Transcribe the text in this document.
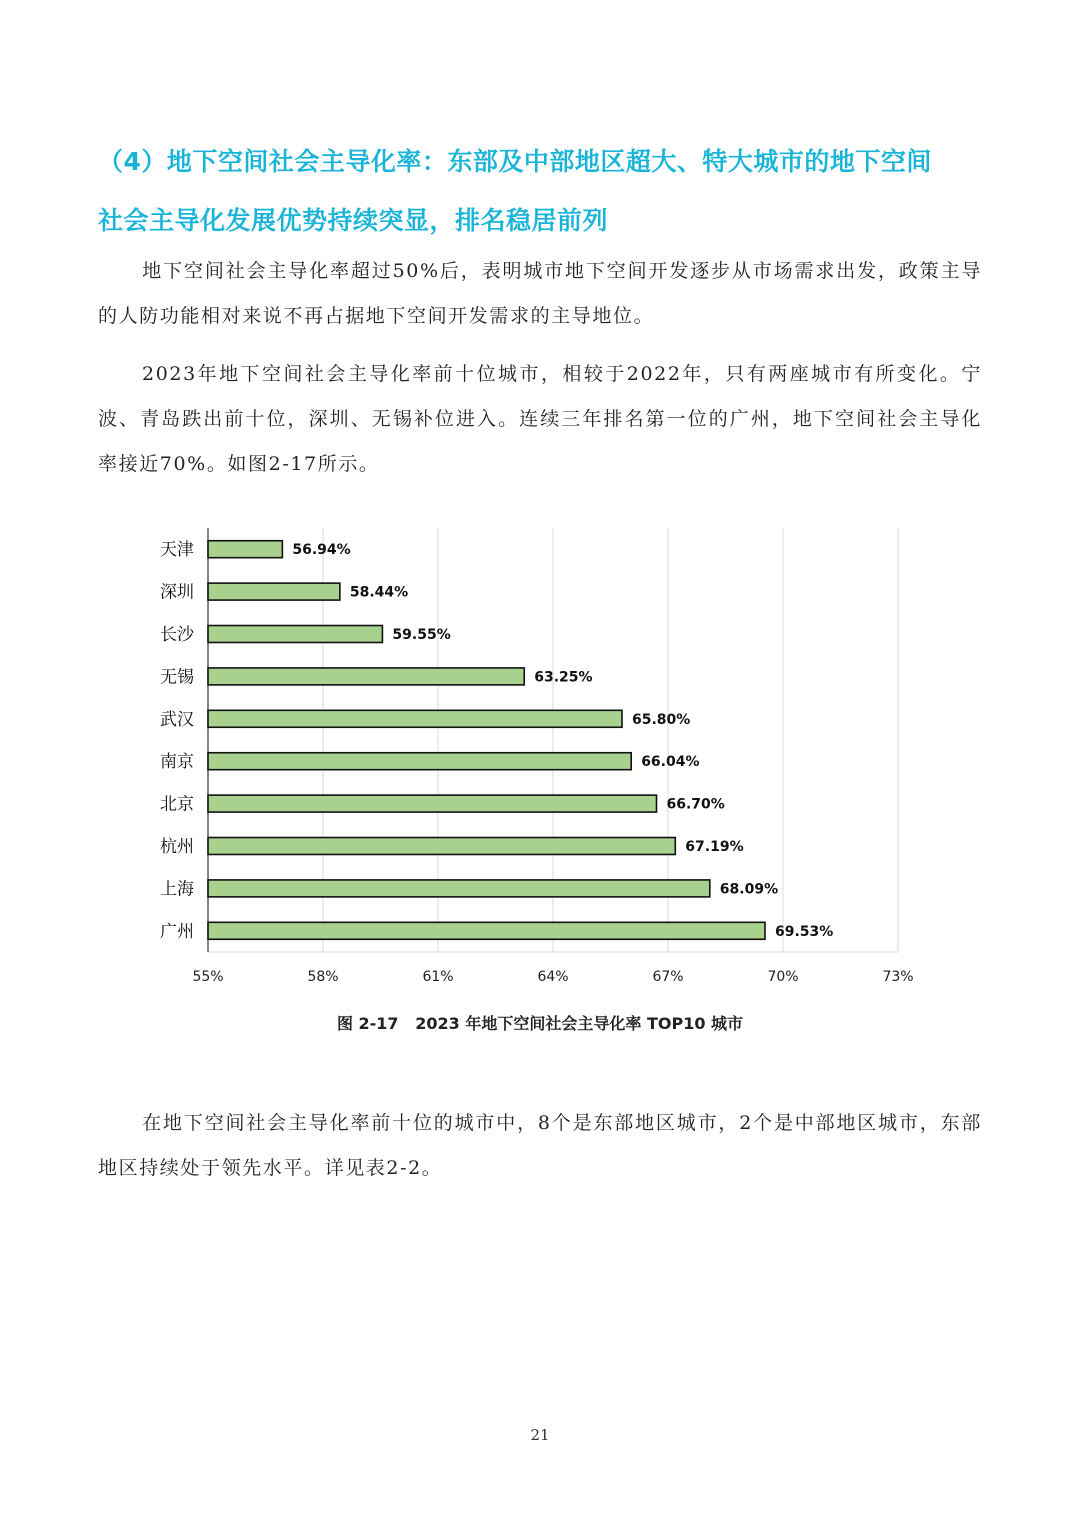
（4）地下空间社会主导化率：东部及中部地区超大、特大城市的地下空间
社会主导化发展优势持续突显，排名稳居前列
地下空间社会主导化率超过50%后，表明城市地下空间开发逐步从市场需求出发，政策主导的人防功能相对来说不再占据地下空间开发需求的主导地位。
2023年地下空间社会主导化率前十位城市，相较于2022年，只有两座城市有所变化。宁波、青岛跌出前十位，深圳、无锡补位进入。连续三年排名第一位的广州，地下空间社会主导化率接近70%。如图2-17所示。
55%	58%	61%	64%	67%	70%	73%
天津	56.94%
深圳	58.44%
长沙	59.55%
无锡	63.25%
武汉	65.80%
南京	66.04%
北京	66.70%
杭州	67.19%
上海	68.09%
广州	69.53%
图 2-17   2023 年地下空间社会主导化率 TOP10 城市
在地下空间社会主导化率前十位的城市中，8个是东部地区城市，2个是中部地区城市，东部地区持续处于领先水平。详见表2-2。
21
